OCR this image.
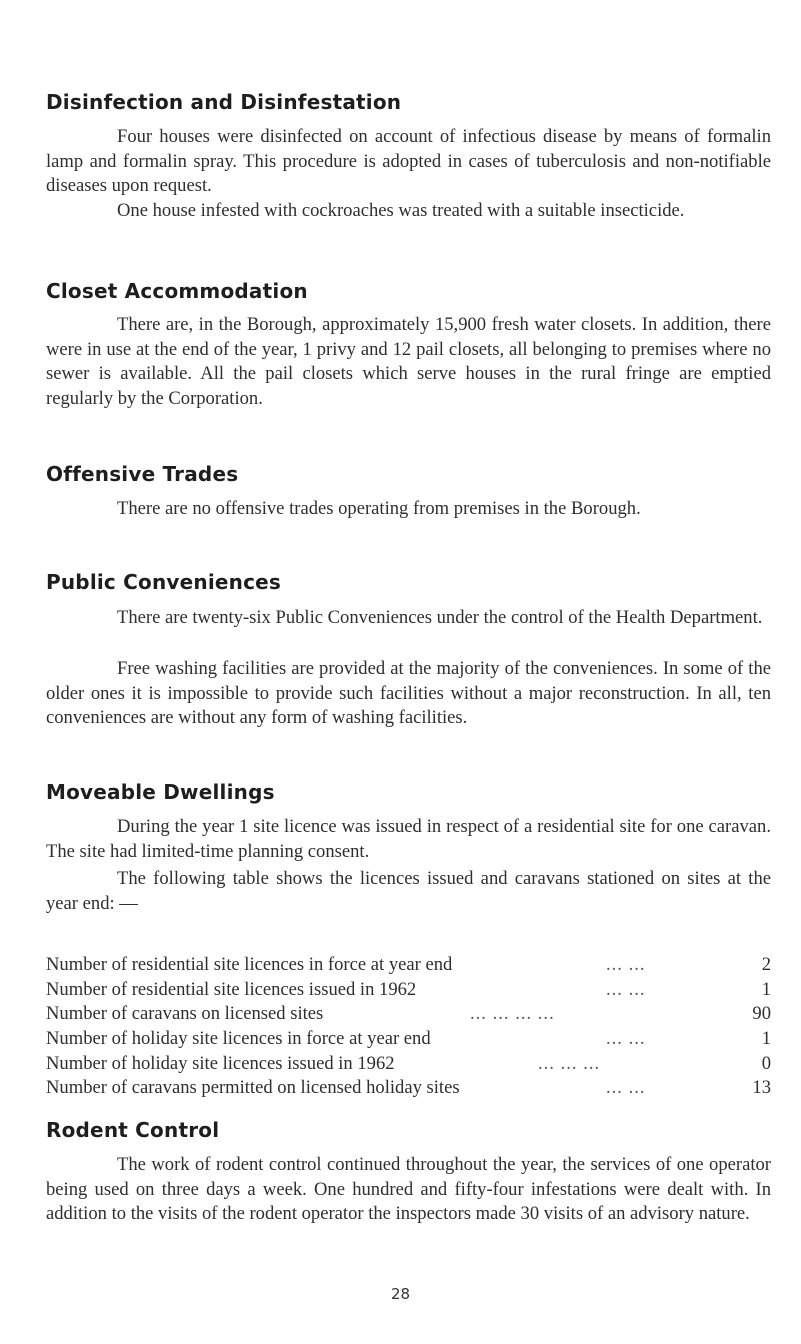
Disinfection and Disinfestation

Four houses were disinfected on account of infectious disease by means of formalin lamp and formalin spray. This procedure is adopted in cases of tuberculosis and non-notifiable diseases upon request.

One house infested with cockroaches was treated with a suitable insecticide.

Closet Accommodation

There are, in the Borough, approximately 15,900 fresh water closets. In addition, there were in use at the end of the year, 1 privy and 12 pail closets, all belonging to premises where no sewer is available. All the pail closets which serve houses in the rural fringe are emptied regularly by the Corporation.

Offensive Trades

There are no offensive trades operating from premises in the Borough.

Public Conveniences

There are twenty-six Public Conveniences under the control of the Health Department.

Free washing facilities are provided at the majority of the conveniences. In some of the older ones it is impossible to provide such facilities without a major reconstruction. In all, ten conveniences are without any form of washing facilities.

Moveable Dwellings

During the year 1 site licence was issued in respect of a residential site for one caravan. The site had limited-time planning consent.

The following table shows the licences issued and caravans stationed on sites at the year end: —

Number of residential site licences in force at year end	... ...	2
Number of residential site licences issued in 1962	... ...	1
Number of caravans on licensed sites	... ... ... ...	90
Number of holiday site licences in force at year end	... ...	1
Number of holiday site licences issued in 1962	... ... ...	0
Number of caravans permitted on licensed holiday sites	... ...	13
Rodent Control

The work of rodent control continued throughout the year, the services of one operator being used on three days a week. One hundred and fifty-four infestations were dealt with. In addition to the visits of the rodent operator the inspectors made 30 visits of an advisory nature.

28
